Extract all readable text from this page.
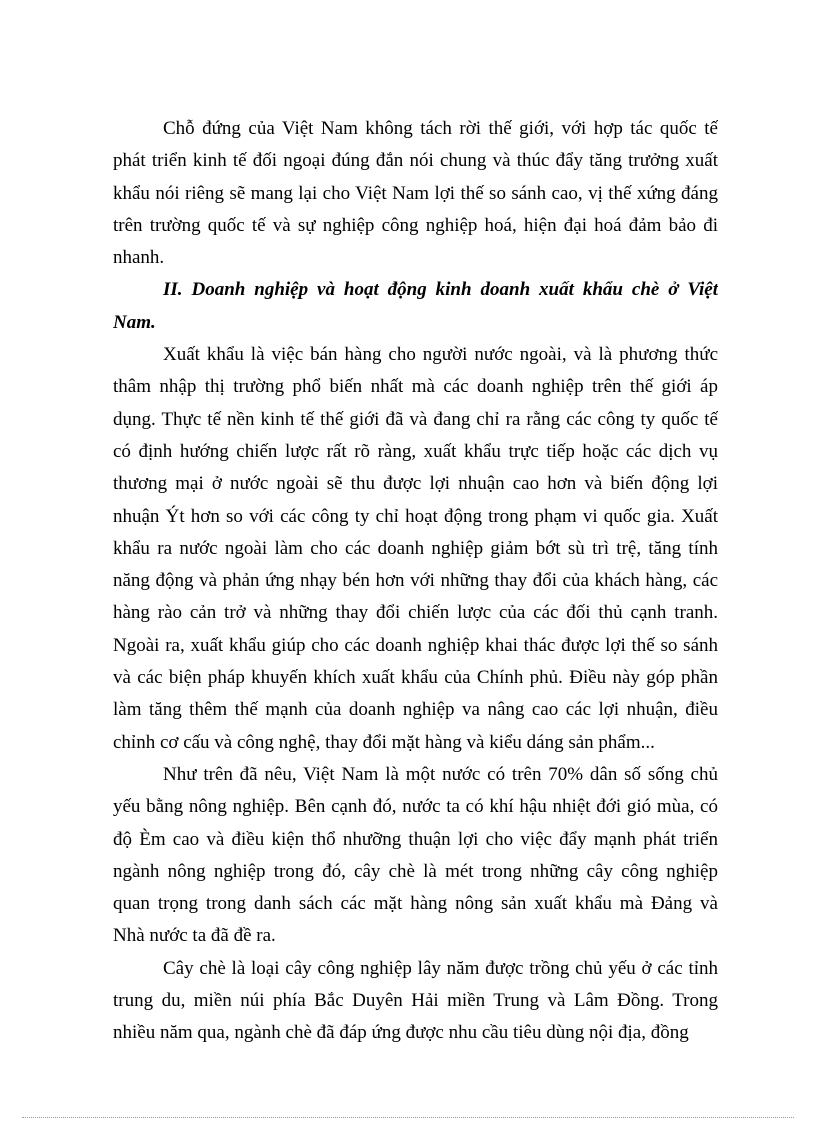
Chỗ đứng của Việt Nam không tách rời thế giới, với hợp tác quốc tế
phát triển kinh tế đối ngoại đúng đắn nói chung và thúc đẩy tăng trưởng xuất
khẩu nói riêng sẽ mang lại cho Việt Nam lợi thế so sánh cao, vị thế xứng đáng
trên trường quốc tế và sự nghiệp công nghiệp hoá, hiện đại hoá đảm bảo đi
nhanh.
II. Doanh nghiệp và hoạt động kinh doanh xuất khẩu chè ở Việt
Nam.
Xuất khẩu là việc bán hàng cho người nước ngoài, và là phương thức
thâm nhập thị trường phổ biến nhất mà các doanh nghiệp trên thế giới áp
dụng. Thực tế nền kinh tế thế giới đã và đang chỉ ra rằng các công ty quốc tế
có định hướng chiến lược rất rõ ràng, xuất khẩu trực tiếp hoặc các dịch vụ
thương mại ở nước ngoài sẽ thu được lợi nhuận cao hơn và biến động lợi
nhuận Ýt hơn so với các công ty chỉ hoạt động trong phạm vi quốc gia. Xuất
khẩu ra nước ngoài làm cho các doanh nghiệp giảm bớt sù trì trệ, tăng tính
năng động và phản ứng nhạy bén hơn với những thay đổi của khách hàng, các
hàng rào cản trở và những thay đổi chiến lược của các đối thủ cạnh tranh.
Ngoài ra, xuất khẩu giúp cho các doanh nghiệp khai thác được lợi thế so sánh
và các biện pháp khuyến khích xuất khẩu của Chính phủ. Điều này góp phần
làm tăng thêm thế mạnh của doanh nghiệp va nâng cao các lợi nhuận, điều
chỉnh cơ cấu và công nghệ, thay đổi mặt hàng và kiểu dáng sản phẩm...
Như trên đã nêu, Việt Nam là một nước có trên 70% dân số sống chủ
yếu bằng nông nghiệp. Bên cạnh đó, nước ta có khí hậu nhiệt đới gió mùa, có
độ Èm cao và điều kiện thổ nhưỡng thuận lợi cho việc đẩy mạnh phát triển
ngành nông nghiệp trong đó, cây chè là mét trong những cây công nghiệp
quan trọng trong danh sách các mặt hàng nông sản xuất khẩu mà Đảng và
Nhà nước ta đã đề ra.
Cây chè là loại cây công nghiệp lây năm được trồng chủ yếu ở các tỉnh
trung du, miền núi phía Bắc Duyên Hải miền Trung và Lâm Đồng. Trong
nhiều năm qua, ngành chè đã đáp ứng được nhu cầu tiêu dùng nội địa, đồng
